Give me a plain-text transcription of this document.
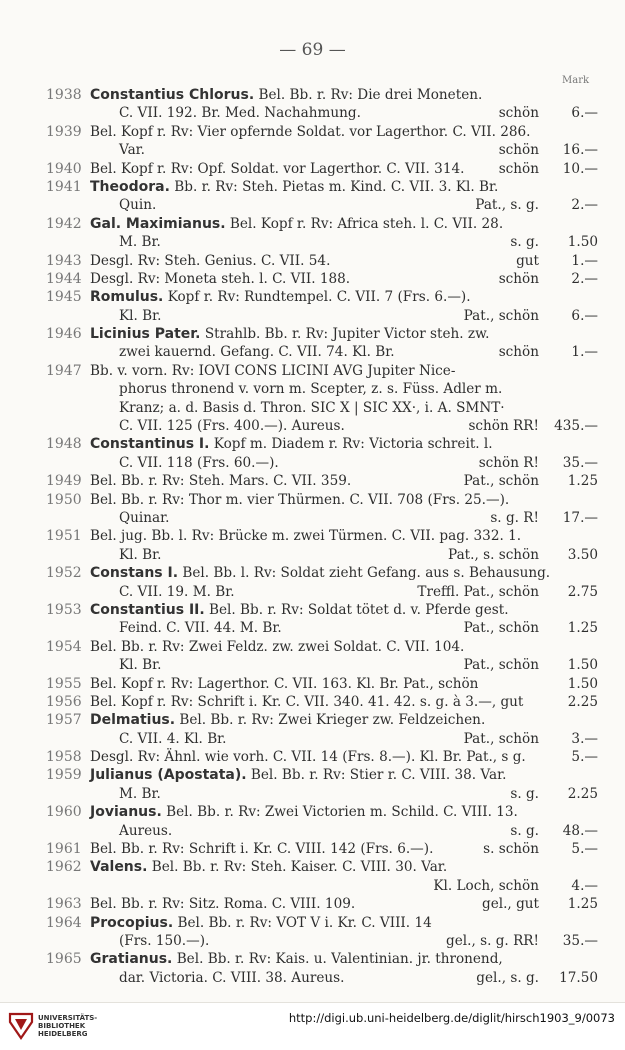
— 69 —
Mark
1938 Constantius Chlorus. Bel. Bb. r. Rv: Die drei Moneten.
C. VII. 192. Br. Med. Nachahmung.	schön 6.—
1939 Bel. Kopf r. Rv: Vier opfernde Soldat. vor Lagerthor. C. VII. 286.
Var.	schön 16.—
1940 Bel. Kopf r. Rv: Opf. Soldat. vor Lagerthor. C. VII. 314.	schön 10.—
1941 Theodora. Bb. r. Rv: Steh. Pietas m. Kind. C. VII. 3. Kl. Br.
Quin.	Pat., s. g. 2.—
1942 Gal. Maximianus. Bel. Kopf r. Rv: Africa steh. l. C. VII. 28.
M. Br.	s. g. 1.50
1943 Desgl. Rv: Steh. Genius. C. VII. 54.	gut 1.—
1944 Desgl. Rv: Moneta steh. l. C. VII. 188.	schön 2.—
1945 Romulus. Kopf r. Rv: Rundtempel. C. VII. 7 (Frs. 6.—).
Kl. Br.	Pat., schön 6.—
1946 Licinius Pater. Strahlb. Bb. r. Rv: Jupiter Victor steh. zw.
zwei kauernd. Gefang. C. VII. 74. Kl. Br.	schön 1.—
1947 Bb. v. vorn. Rv: IOVI CONS LICINI AVG Jupiter Nice-
phorus thronend v. vorn m. Scepter, z. s. Füss. Adler m.
Kranz; a. d. Basis d. Thron. SIC X | SIC XX·, i. A. SMNT·
C. VII. 125 (Frs. 400.—). Aureus.	schön RR! 435.—
1948 Constantinus I. Kopf m. Diadem r. Rv: Victoria schreit. l.
C. VII. 118 (Frs. 60.—).	schön R! 35.—
1949 Bel. Bb. r. Rv: Steh. Mars. C. VII. 359.	Pat., schön 1.25
1950 Bel. Bb. r. Rv: Thor m. vier Thürmen. C. VII. 708 (Frs. 25.—).
Quinar.	s. g. R! 17.—
1951 Bel. jug. Bb. l. Rv: Brücke m. zwei Türmen. C. VII. pag. 332. 1.
Kl. Br.	Pat., s. schön 3.50
1952 Constans I. Bel. Bb. l. Rv: Soldat zieht Gefang. aus s. Behausung.
C. VII. 19. M. Br.	Treffl. Pat., schön 2.75
1953 Constantius II. Bel. Bb. r. Rv: Soldat tötet d. v. Pferde gest.
Feind. C. VII. 44. M. Br.	Pat., schön 1.25
1954 Bel. Bb. r. Rv: Zwei Feldz. zw. zwei Soldat. C. VII. 104.
Kl. Br.	Pat., schön 1.50
1955 Bel. Kopf r. Rv: Lagerthor. C. VII. 163. Kl. Br. Pat., schön	1.50
1956 Bel. Kopf r. Rv: Schrift i. Kr. C. VII. 340. 41. 42. s. g. à 3.—, gut	2.25
1957 Delmatius. Bel. Bb. r. Rv: Zwei Krieger zw. Feldzeichen.
C. VII. 4. Kl. Br.	Pat., schön 3.—
1958 Desgl. Rv: Ähnl. wie vorh. C. VII. 14 (Frs. 8.—). Kl. Br. Pat., s g.	5.—
1959 Julianus (Apostata). Bel. Bb. r. Rv: Stier r. C. VIII. 38. Var.
M. Br.	s. g. 2.25
1960 Jovianus. Bel. Bb. r. Rv: Zwei Victorien m. Schild. C. VIII. 13.
Aureus.	s. g. 48.—
1961 Bel. Bb. r. Rv: Schrift i. Kr. C. VIII. 142 (Frs. 6.—).	s. schön 5.—
1962 Valens. Bel. Bb. r. Rv: Steh. Kaiser. C. VIII. 30. Var.
Kl. Loch, schön 4.—
1963 Bel. Bb. r. Rv: Sitz. Roma. C. VIII. 109.	gel., gut 1.25
1964 Procopius. Bel. Bb. r. Rv: VOT V i. Kr. C. VIII. 14
(Frs. 150.—).	gel., s. g. RR! 35.—
1965 Gratianus. Bel. Bb. r. Rv: Kais. u. Valentinian. jr. thronend,
dar. Victoria. C. VIII. 38. Aureus.	gel., s. g. 17.50
UNIVERSITÄTS-
BIBLIOTHEK
HEIDELBERG
http://digi.ub.uni-heidelberg.de/diglit/hirsch1903_9/0073
